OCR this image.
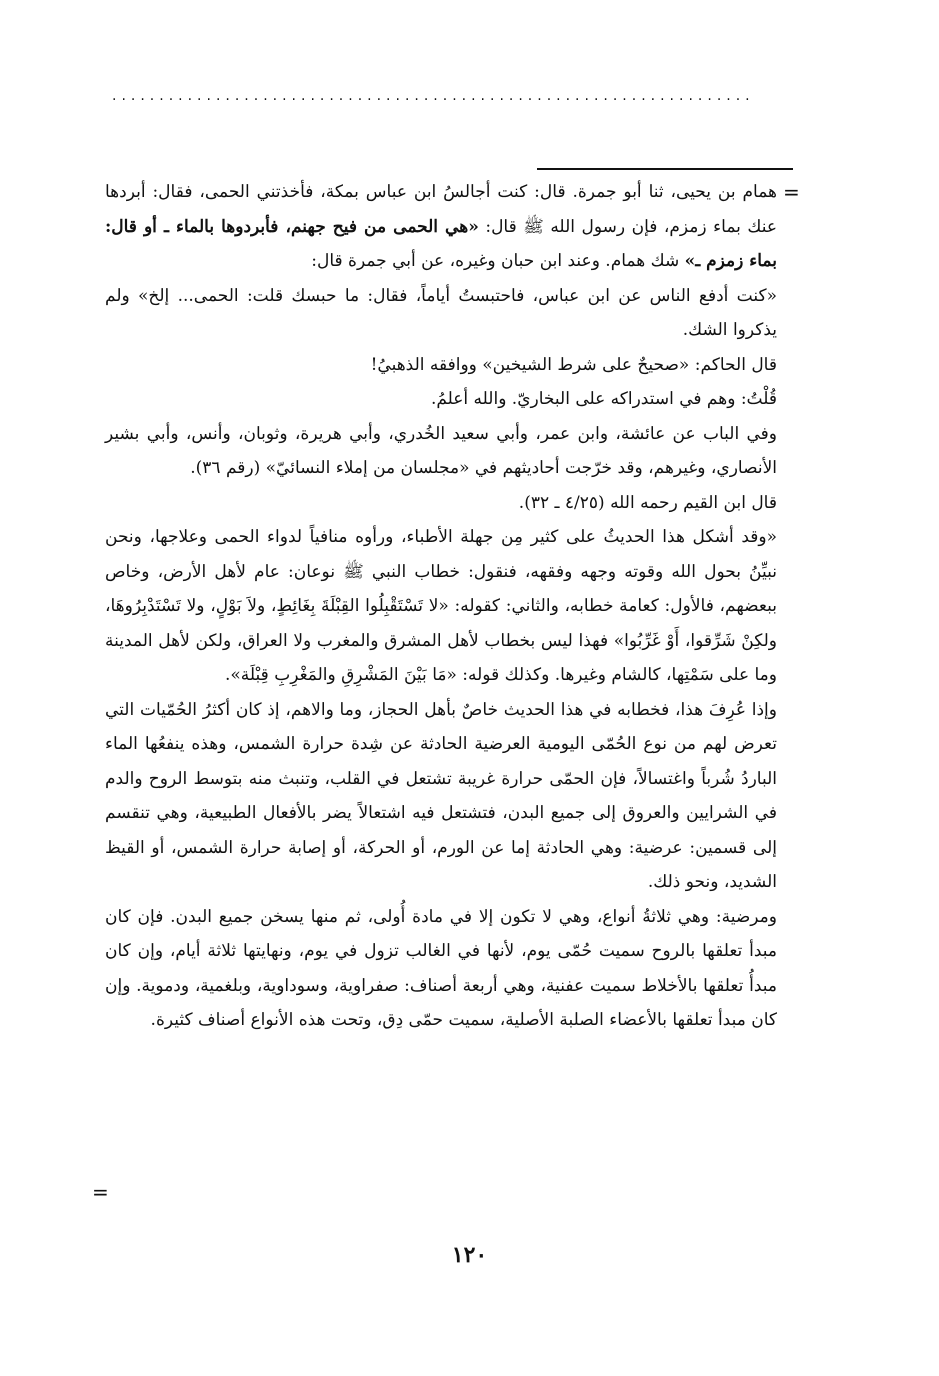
....................................................................
=

همام بن يحيى، ثنا أبو جمرة. قال: كنت أجالسُ ابن عباس بمكة، فأخذتني الحمى، فقال: أبردها عنك بماء زمزم، فإن رسول الله ﷺ قال: «هي الحمى من فيح جهنم، فأبردوها بالماء ـ أو قال: بماء زمزم ـ» شك همام. وعند ابن حبان وغيره، عن أبي جمرة قال:

«كنت أدفع الناس عن ابن عباس، فاحتبستُ أياماً، فقال: ما حبسك قلت: الحمى... إلخ» ولم يذكروا الشك.

قال الحاكم: «صحيحٌ على شرط الشيخين» ووافقه الذهبيُ!

قُلْتُ: وهم في استدراكه على البخاريّ. والله أعلمُ.

وفي الباب عن عائشة، وابن عمر، وأبي سعيد الخُدري، وأبي هريرة، وثوبان، وأنس، وأبي بشير الأنصاري، وغيرهم، وقد خرّجت أحاديثهم في «مجلسان من إملاء النسائيّ» (رقم ٣٦).

قال ابن القيم رحمه الله (٤/٢٥ ـ ٣٢).

«وقد أشكل هذا الحديثُ على كثير مِن جهلة الأطباء، ورأوه منافياً لدواء الحمى وعلاجها، ونحن نبيِّنُ بحول الله وقوته وجهه وفقهه، فنقول: خطاب النبي ﷺ نوعان: عام لأهل الأرض، وخاص ببعضهم، فالأول: كعامة خطابه، والثاني: كقوله: «لا تَسْتَقْبِلُوا القِبْلَةَ بِغَائِطٍ، ولاَ بَوْلٍ، ولا تَسْتَدْبِرُوهَا، ولكِنْ شَرِّقوا، أَوْ غَرِّبُوا» فهذا ليس بخطاب لأهل المشرق والمغرب ولا العراق، ولكن لأهل المدينة وما على سَمْتِها، كالشام وغيرها. وكذلك قوله: «مَا بَيْنَ المَشْرِقِ والمَغْرِبِ قِبْلَة».

وإذا عُرِفَ هذا، فخطابه في هذا الحديث خاصٌ بأهل الحجاز، وما والاهم، إذ كان أكثرُ الحُمّيات التي تعرض لهم من نوع الحُمّى اليومية العرضية الحادثة عن شِدة حرارة الشمس، وهذه ينفعُها الماء الباردُ شُرباً واغتسالاً، فإن الحمّى حرارة غريبة تشتعل في القلب، وتنبث منه بتوسط الروح والدم في الشرايين والعروق إلى جميع البدن، فتشتعل فيه اشتعالاً يضر بالأفعال الطبيعية، وهي تنقسم إلى قسمين: عرضية: وهي الحادثة إما عن الورم، أو الحركة، أو إصابة حرارة الشمس، أو القيظ الشديد، ونحو ذلك.

ومرضية: وهي ثلاثةُ أنواع، وهي لا تكون إلا في مادة أُولى، ثم منها يسخن جميع البدن. فإن كان مبدأ تعلقها بالروح سميت حُمّى يوم، لأنها في الغالب تزول في يوم، ونهايتها ثلاثة أيام، وإن كان مبدأُ تعلقها بالأخلاط سميت عفنية، وهي أربعة أصناف: صفراوية، وسوداوية، وبلغمية، ودموية. وإن كان مبدأ تعلقها بالأعضاء الصلبة الأصلية، سميت حمّى دِق، وتحت هذه الأنواع أصناف كثيرة.

=
١٢٠
